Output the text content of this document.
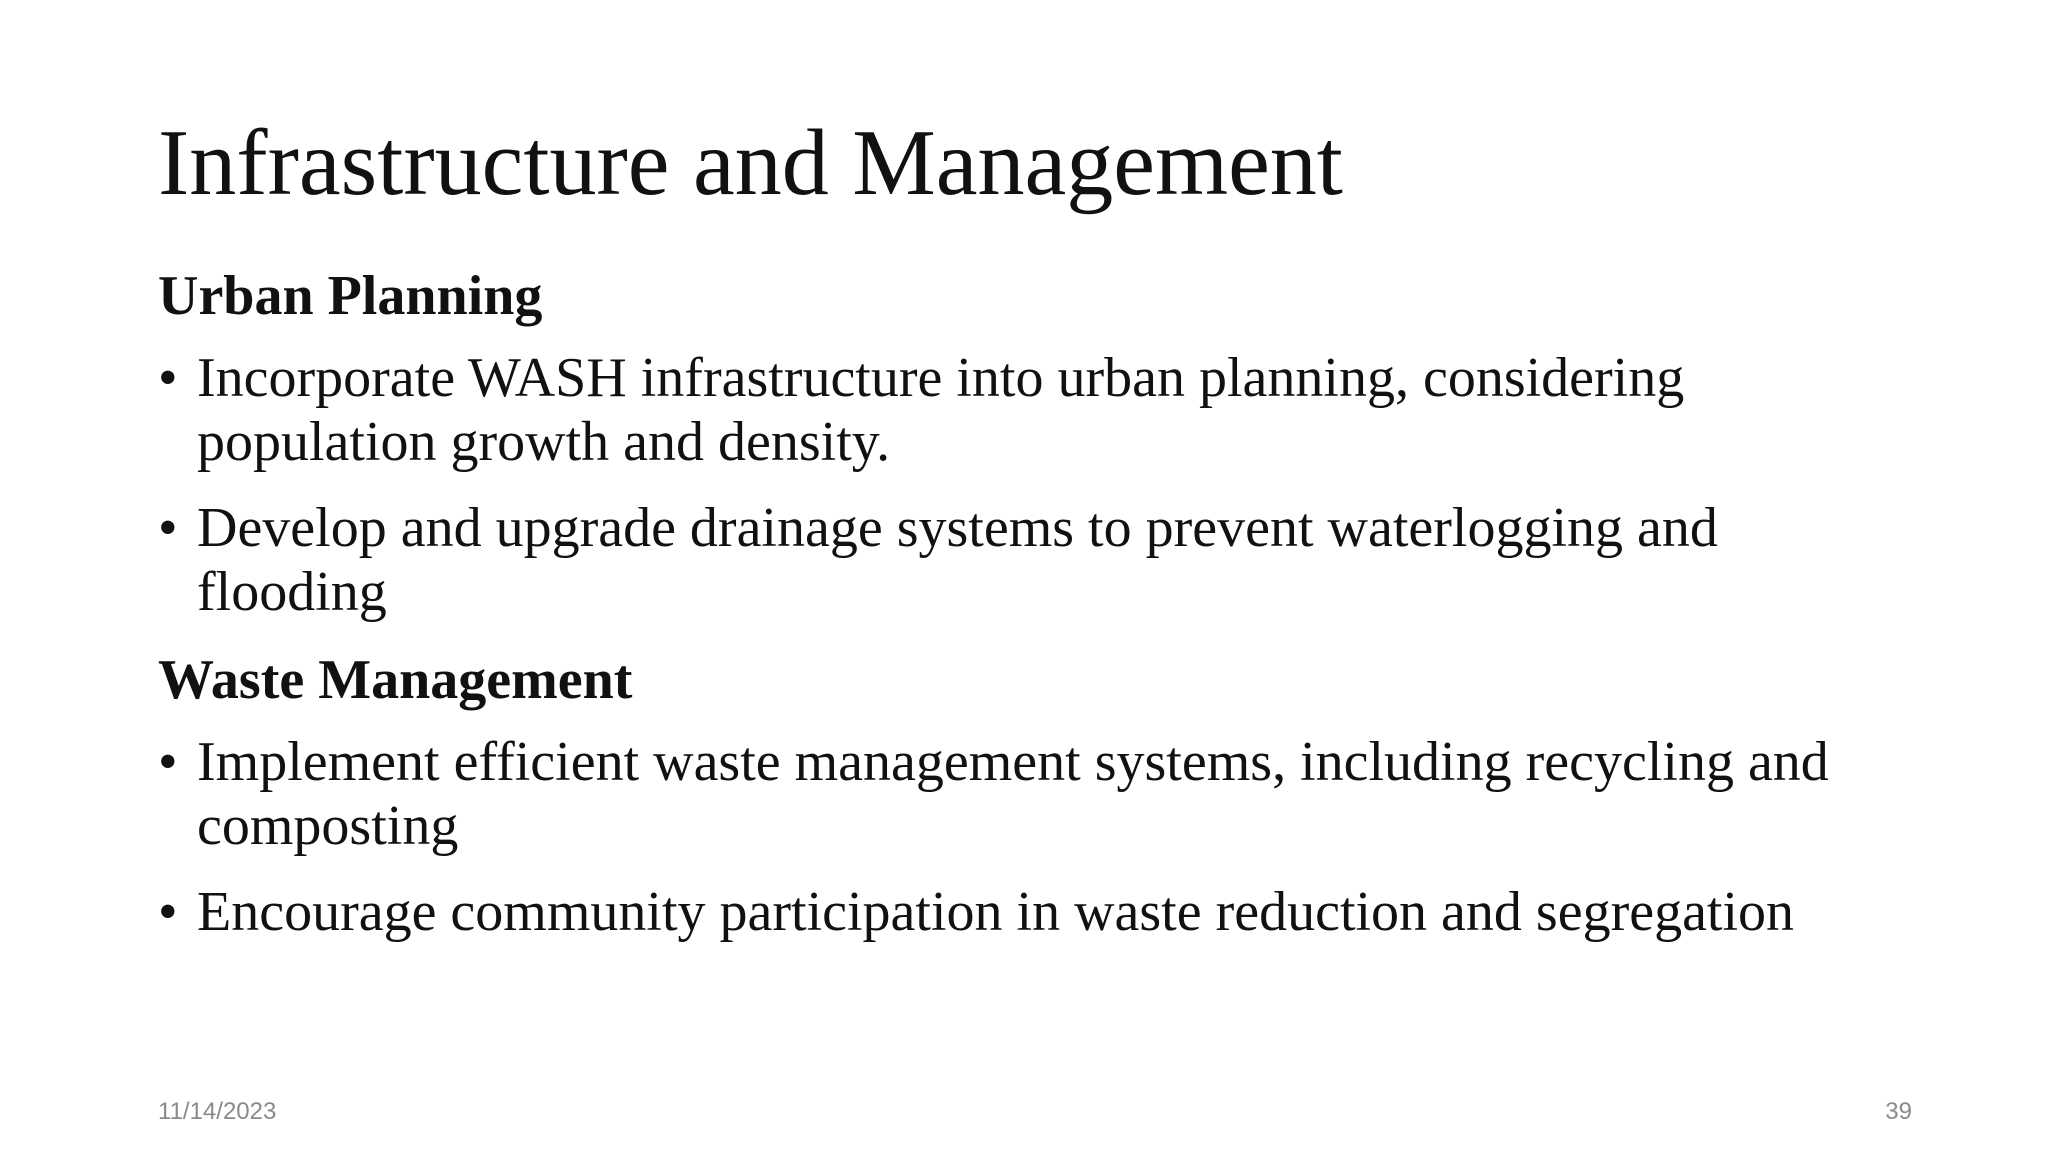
Infrastructure and Management

Urban Planning

• Incorporate WASH infrastructure into urban planning, considering population growth and density.
• Develop and upgrade drainage systems to prevent waterlogging and flooding

Waste Management

• Implement efficient waste management systems, including recycling and composting
• Encourage community participation in waste reduction and segregation
11/14/2023	39
